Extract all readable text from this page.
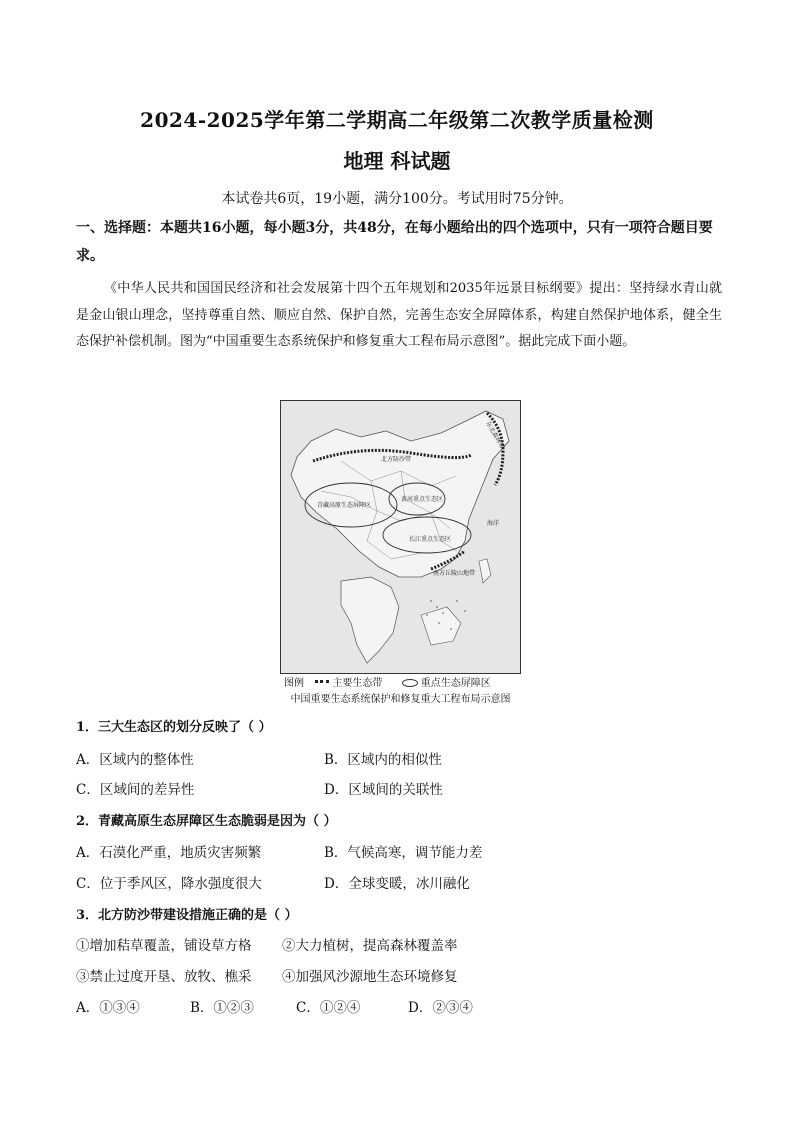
2024-2025学年第二学期高二年级第二次教学质量检测
地理 科试题
本试卷共6页，19小题，满分100分。考试用时75分钟。
一、选择题：本题共16小题，每小题3分，共48分，在每小题给出的四个选项中，只有一项符合题目要求。
《中华人民共和国国民经济和社会发展第十四个五年规划和2035年远景目标纲要》提出：坚持绿水青山就是金山银山理念，坚持尊重自然、顺应自然、保护自然，完善生态安全屏障体系，构建自然保护地体系，健全生态保护补偿机制。图为“中国重要生态系统保护和修复重大工程布局示意图”。据此完成下面小题。
东北森林带
北方防沙带
青藏高原生态屏障区
黄河重点生态区
长江重点生态区
南方丘陵山地带
海洋
图例	主要生态带	重点生态屏障区
中国重要生态系统保护和修复重大工程布局示意图
1．三大生态区的划分反映了（ ）
A．区域内的整体性	B．区域内的相似性
C．区域间的差异性	D．区域间的关联性
2．青藏高原生态屏障区生态脆弱是因为（ ）
A．石漠化严重，地质灾害频繁	B．气候高寒，调节能力差
C．位于季风区，降水强度很大	D．全球变暖，冰川融化
3．北方防沙带建设措施正确的是（ ）
①增加秸草覆盖，铺设草方格 ②大力植树，提高森林覆盖率
③禁止过度开垦、放牧、樵采 ④加强风沙源地生态环境修复
A．①③④	B．①②③	C．①②④	D．②③④
